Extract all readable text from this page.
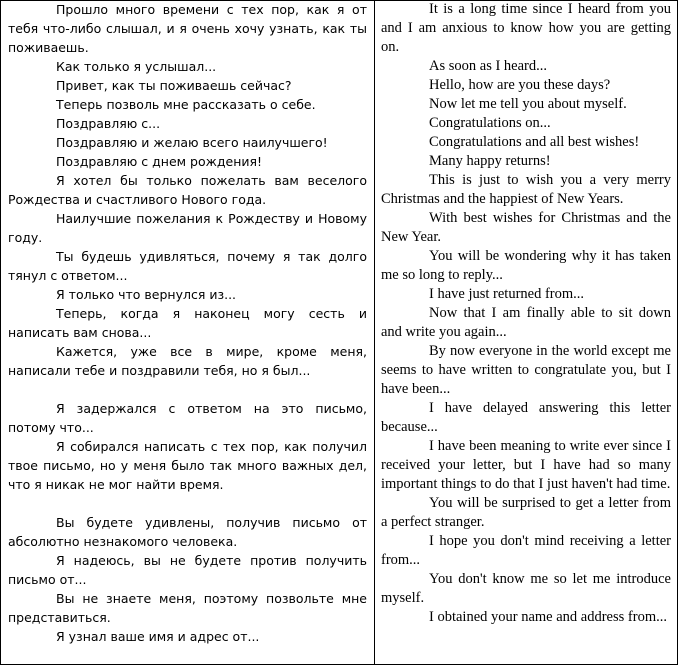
Прошло много времени с тех пор, как я от тебя что-либо слышал, и я очень хочу узнать, как ты поживаешь.

Как только я услышал...

Привет, как ты поживаешь сейчас?

Теперь позволь мне рассказать о себе.

Поздравляю с...

Поздравляю и желаю всего наилучшего!

Поздравляю с днем рождения!

Я хотел бы только пожелать вам веселого Рождества и счастливого Нового года.

Наилучшие пожелания к Рождеству и Новому году.

Ты будешь удивляться, почему я так долго тянул с ответом...

Я только что вернулся из...

Теперь, когда я наконец могу сесть и написать вам снова...

Кажется, уже все в мире, кроме меня, написали тебе и поздравили тебя, но я был...

Я задержался с ответом на это письмо, потому что...

Я собирался написать с тех пор, как получил твое письмо, но у меня было так много важных дел, что я никак не мог найти время.

Вы будете удивлены, получив письмо от абсолютно незнакомого человека.

Я надеюсь, вы не будете против получить письмо от...

Вы не знаете меня, поэтому позвольте мне представиться.

Я узнал ваше имя и адрес от...

It is a long time since I heard from you and I am anxious to know how you are getting on.

As soon as I heard...

Hello, how are you these days?

Now let me tell you about myself.

Congratulations on...

Congratulations and all best wishes!

Many happy returns!

This is just to wish you a very merry Christmas and the happiest of New Years.

With best wishes for Christmas and the New Year.

You will be wondering why it has taken me so long to reply...

I have just returned from...

Now that I am finally able to sit down and write you again...

By now everyone in the world except me seems to have written to congratulate you, but I have been...

I have delayed answering this letter because...

I have been meaning to write ever since I received your letter, but I have had so many important things to do that I just haven't had time.

You will be surprised to get a letter from a perfect stranger.

I hope you don't mind receiving a letter from...

You don't know me so let me introduce myself.

I obtained your name and address from...
